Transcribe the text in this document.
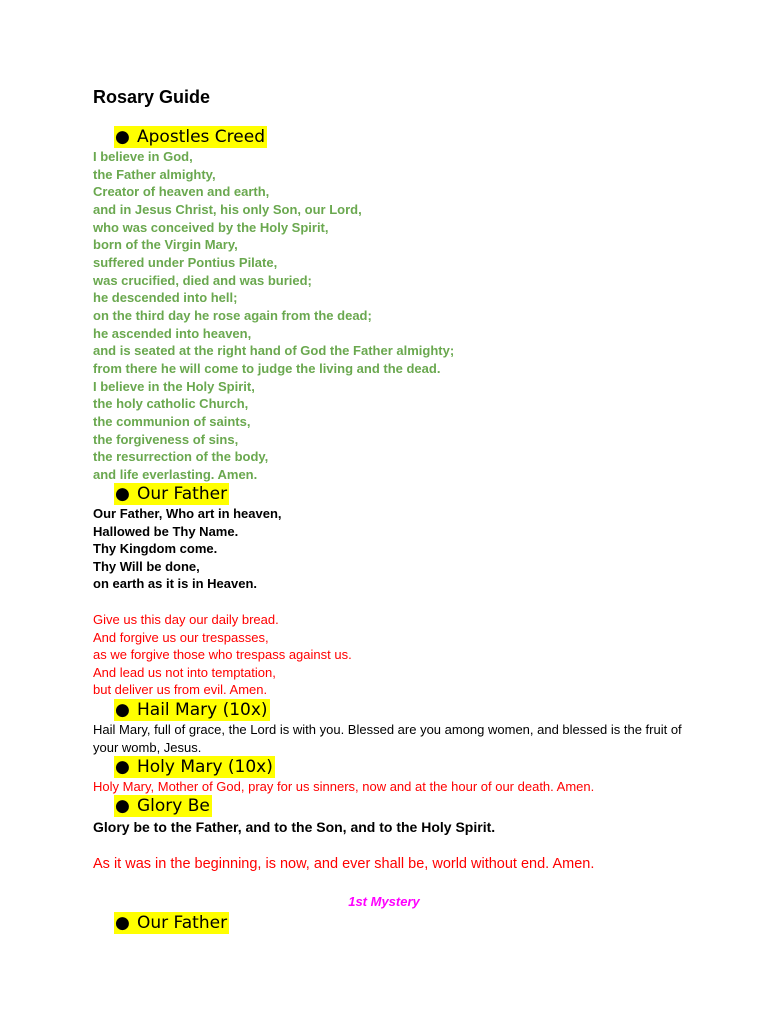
Rosary Guide
● Apostles Creed
I believe in God,
the Father almighty,
Creator of heaven and earth,
and in Jesus Christ, his only Son, our Lord,
who was conceived by the Holy Spirit,
born of the Virgin Mary,
suffered under Pontius Pilate,
was crucified, died and was buried;
he descended into hell;
on the third day he rose again from the dead;
he ascended into heaven,
and is seated at the right hand of God the Father almighty;
from there he will come to judge the living and the dead.
I believe in the Holy Spirit,
the holy catholic Church,
the communion of saints,
the forgiveness of sins,
the resurrection of the body,
and life everlasting. Amen.
● Our Father
Our Father, Who art in heaven,
Hallowed be Thy Name.
Thy Kingdom come.
Thy Will be done,
on earth as it is in Heaven.
Give us this day our daily bread.
And forgive us our trespasses,
as we forgive those who trespass against us.
And lead us not into temptation,
but deliver us from evil. Amen.
● Hail Mary (10x)
Hail Mary, full of grace, the Lord is with you. Blessed are you among women, and blessed is the fruit of your womb, Jesus.
● Holy Mary (10x)
Holy Mary, Mother of God, pray for us sinners, now and at the hour of our death. Amen.
● Glory Be
Glory be to the Father, and to the Son, and to the Holy Spirit.
As it was in the beginning, is now, and ever shall be, world without end. Amen.
1st Mystery
● Our Father
